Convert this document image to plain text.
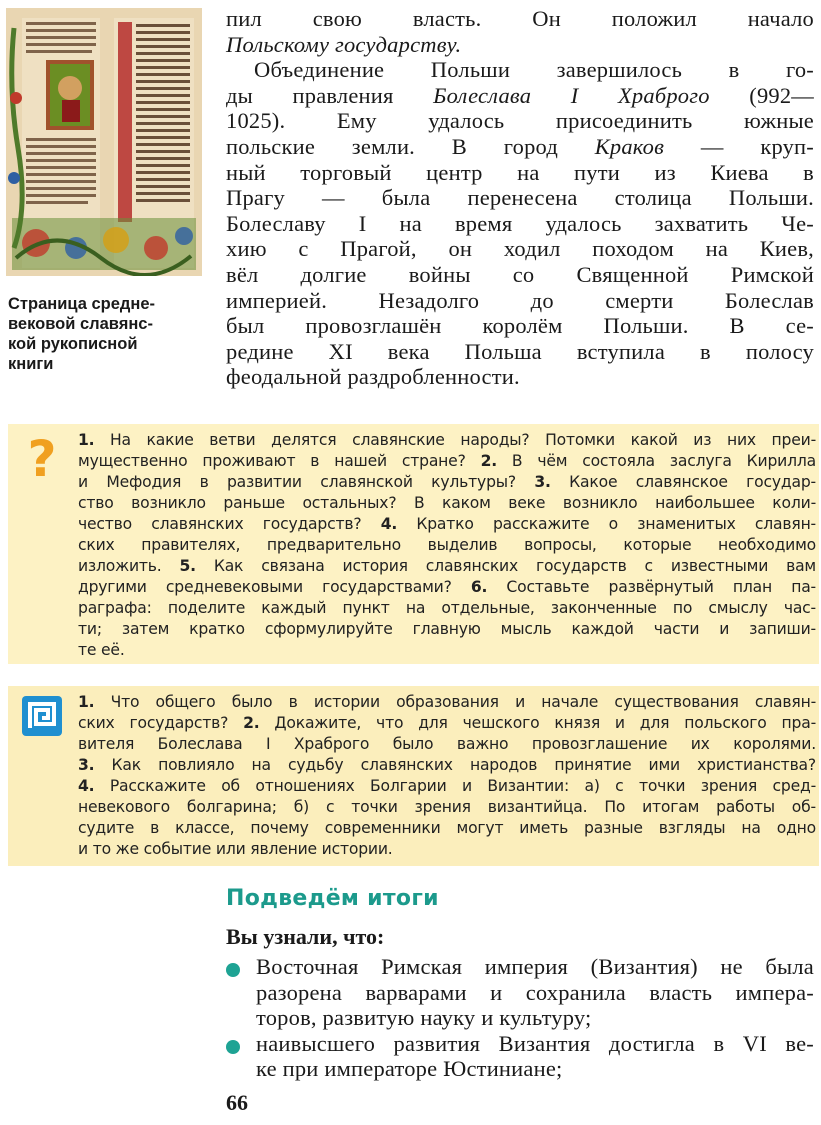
Страница средне-
вековой славянс-
кой рукописной
книги
пил свою власть. Он положил начало
Польскому государству.
Объединение Польши завершилось в го-
ды правления Болеслава I Храброго (992—
1025). Ему удалось присоединить южные
польские земли. В город Краков — круп-
ный торговый центр на пути из Киева в
Прагу — была перенесена столица Польши.
Болеславу I на время удалось захватить Че-
хию с Прагой, он ходил походом на Киев,
вёл долгие войны со Священной Римской
империей. Незадолго до смерти Болеслав
был провозглашён королём Польши. В се-
редине XI века Польша вступила в полосу
феодальной раздробленности.
? 1. На какие ветви делятся славянские народы? Потомки какой из них преи-
мущественно проживают в нашей стране? 2. В чём состояла заслуга Кирилла
и Мефодия в развитии славянской культуры? 3. Какое славянское государ-
ство возникло раньше остальных? В каком веке возникло наибольшее коли-
чество славянских государств? 4. Кратко расскажите о знаменитых славян-
ских правителях, предварительно выделив вопросы, которые необходимо
изложить. 5. Как связана история славянских государств с известными вам
другими средневековыми государствами? 6. Составьте развёрнутый план па-
раграфа: поделите каждый пункт на отдельные, законченные по смыслу час-
ти; затем кратко сформулируйте главную мысль каждой части и запиши-
те её.
1. Что общего было в истории образования и начале существования славян-
ских государств? 2. Докажите, что для чешского князя и для польского пра-
вителя Болеслава I Храброго было важно провозглашение их королями.
3. Как повлияло на судьбу славянских народов принятие ими христианства?
4. Расскажите об отношениях Болгарии и Византии: а) с точки зрения сред-
невекового болгарина; б) с точки зрения византийца. По итогам работы об-
судите в классе, почему современники могут иметь разные взгляды на одно
и то же событие или явление истории.
Подведём итоги
Вы узнали, что:
Восточная Римская империя (Византия) не была
разорена варварами и сохранила власть импера-
торов, развитую науку и культуру;
наивысшего развития Византия достигла в VI ве-
ке при императоре Юстиниане;
66
